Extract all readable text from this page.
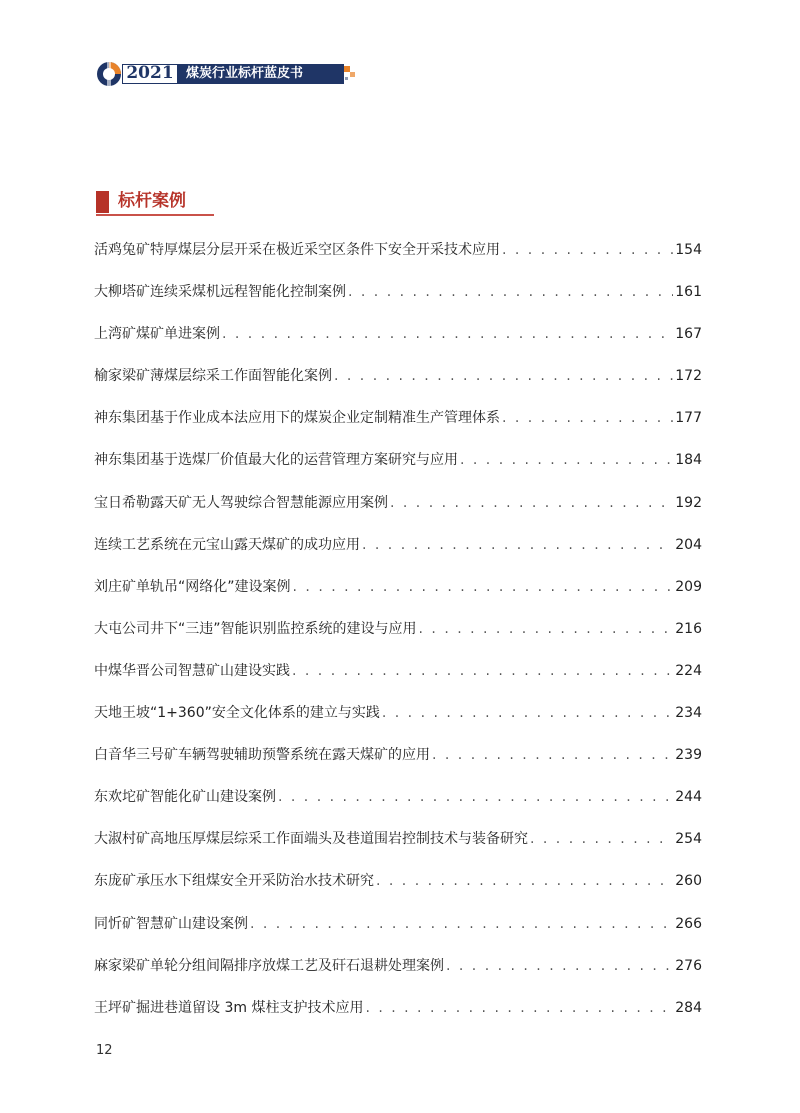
2021 煤炭行业标杆蓝皮书
标杆案例
活鸡兔矿特厚煤层分层开采在极近采空区条件下安全开采技术应用 . . .	154
大柳塔矿连续采煤机远程智能化控制案例 . . .	161
上湾矿煤矿单进案例 . . .	167
榆家梁矿薄煤层综采工作面智能化案例 . . .	172
神东集团基于作业成本法应用下的煤炭企业定制精准生产管理体系 . . .	177
神东集团基于选煤厂价值最大化的运营管理方案研究与应用 . . .	184
宝日希勒露天矿无人驾驶综合智慧能源应用案例 . . .	192
连续工艺系统在元宝山露天煤矿的成功应用 . . .	204
刘庄矿单轨吊“网络化”建设案例 . . .	209
大屯公司井下“三违”智能识别监控系统的建设与应用 . . .	216
中煤华晋公司智慧矿山建设实践 . . .	224
天地王坡“1+360”安全文化体系的建立与实践 . . .	234
白音华三号矿车辆驾驶辅助预警系统在露天煤矿的应用 . . .	239
东欢坨矿智能化矿山建设案例 . . .	244
大淑村矿高地压厚煤层综采工作面端头及巷道围岩控制技术与装备研究 . . .	254
东庞矿承压水下组煤安全开采防治水技术研究 . . .	260
同忻矿智慧矿山建设案例 . . .	266
麻家梁矿单轮分组间隔排序放煤工艺及矸石退耕处理案例 . . .	276
王坪矿掘进巷道留设 3m 煤柱支护技术应用 . . .	284
12
